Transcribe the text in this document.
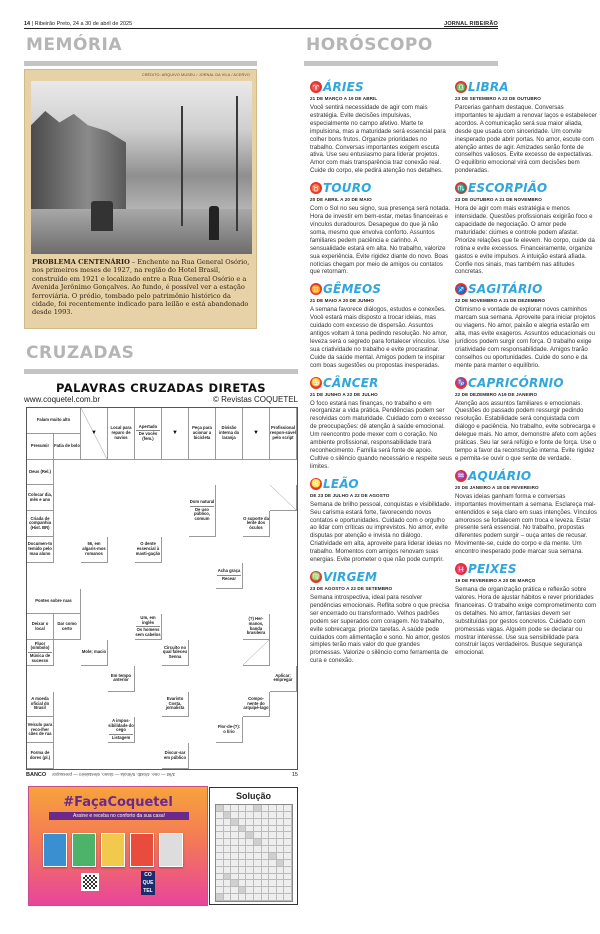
14 | Ribeirão Preto, 24 a 30 de abril de 2025	JORNAL RIBEIRÃO
MEMÓRIA
CRÉDITO: ARQUIVO MUSEU / JORNAL DA VILA / ACERVO
PROBLEMA CENTENÁRIO – Enchente na Rua General Osório, nos primeiros meses de 1927, na região do Hotel Brasil, construído em 1921 e localizado entre a Rua General Osório e a Avenida Jerônimo Gonçalves. Ao fundo, é possível ver a estação ferroviária. O prédio, tombado pelo patrimônio histórico da cidade, foi recentemente indicado para leilão e está abandonado desde 1993.
CRUZADAS
PALAVRAS CRUZADAS DIRETAS
www.coquetel.com.br	© Revistas COQUETEL
Falam muito alto
▼
Local para reparo de navios
Apertado
De vocês (fem.)
▼
Peça para acionar a bicicleta
Divisão interna da laranja
▼
Profissional respon-sável pelo script
Presumir Fatia de bolo
Deus (Rel.)
Colocar dia, mês e ano	Dom natural
De uso público, comum
Criada de companhia (Hist. BR)
O suporte da lente dos óculos
Documen-to temido pelo mau aluno
56, em algaris-mos romanos
O dente essencial à masti-gação
Acha graça
Recear
Pontes sobre ruas
Deixar o local
Dar como certo
Um, em inglês
Os homens sem cabelos
(?) Her-manos, banda brasileira
Fluor (símbolo)
Música de sucesso
Mole; macio
Circuito no qual faleceu Senna
Em tempo anterior
Aplicar; empregar
A moeda oficial do Brasil
Evaristo Costa, jornalista
Compo-nente do arquipé-lago
Veículo para reco-lher cães de rua
A impos-sibilidade do cego
Listagem
Flor-de-(?): o lírio
Forma de dores (pl.)
Discur-sar em público
BANCO 3/lst — one. 4/ostb. 5/imola — tirano. 6/estaleiro — pressupor	15
#FaçaCoquetel
Assine e receba no conforto da sua casa!
CO QUE TEL
Solução
HORÓSCOPO
♈ ÁRIES
21 DE MARÇO A 19 DE ABRIL
Você sentirá necessidade de agir com mais estratégia. Evite decisões impulsivas, especialmente no campo afetivo. Marte te impulsiona, mas a maturidade será essencial para colher bons frutos. Organize prioridades no trabalho. Conversas importantes exigem escuta ativa. Use seu entusiasmo para liderar projetos. Amor com mais transparência traz conexão real. Cuide do corpo, ele pedirá atenção nos detalhes.
♉ TOURO
20 DE ABRIL A 20 DE MAIO
Com o Sol no seu signo, sua presença será notada. Hora de investir em bem-estar, metas financeiras e vínculos duradouros. Desapegue do que já não soma, mesmo que envolva conforto. Assuntos familiares pedem paciência e carinho. A sensualidade estará em alta. No trabalho, valorize sua experiência. Evite rigidez diante do novo. Boas notícias chegam por meio de amigos ou contatos que retornam.
♊ GÊMEOS
21 DE MAIO A 20 DE JUNHO
A semana favorece diálogos, estudos e conexões. Você estará mais disposto a trocar ideias, mas cuidado com excesso de dispersão. Assuntos antigos voltam à tona pedindo resolução. No amor, leveza será o segredo para fortalecer vínculos. Use sua criatividade no trabalho e evite procrastinar. Cuide da saúde mental. Amigos podem te inspirar com boas sugestões ou propostas inesperadas.
♋ CÂNCER
21 DE JUNHO A 22 DE JULHO
O foco estará nas finanças, no trabalho e em reorganizar a vida prática. Pendências podem ser resolvidas com maturidade. Cuidado com o excesso de preocupações: dê atenção à saúde emocional. Um reencontro pode mexer com o coração. No ambiente profissional, responsabilidade trará reconhecimento. Família será fonte de apoio. Cultive o silêncio quando necessário e respeite seus limites.
♌ LEÃO
DE 23 DE JULHO A 22 DE AGOSTO
Semana de brilho pessoal, conquistas e visibilidade. Seu carisma estará forte, favorecendo novos contatos e oportunidades. Cuidado com o orgulho ao lidar com críticas ou imprevistos. No amor, evite disputas por atenção e invista no diálogo. Criatividade em alta, aproveite para liderar ideias no trabalho. Momentos com amigos renovam suas energias. Evite prometer o que não pode cumprir.
♍ VIRGEM
23 DE AGOSTO A 22 DE SETEMBRO
Semana introspectiva, ideal para resolver pendências emocionais. Reflita sobre o que precisa ser encerrado ou transformado. Velhos padrões podem ser superados com coragem. No trabalho, evite sobrecarga: priorize tarefas. A saúde pede cuidados com alimentação e sono. No amor, gestos simples terão mais valor do que grandes promessas. Valorize o silêncio como ferramenta de cura e conexão.
♎ LIBRA
23 DE SETEMBRO A 22 DE OUTUBRO
Parcerias ganham destaque. Conversas importantes te ajudam a renovar laços e estabelecer acordos. A comunicação será sua maior aliada, desde que usada com sinceridade. Um convite inesperado pode abrir portas. No amor, escute com atenção antes de agir. Amizades serão fonte de conselhos valiosos. Evite excesso de expectativas. O equilíbrio emocional virá com decisões bem ponderadas.
♏ ESCORPIÃO
23 DE OUTUBRO A 21 DE NOVEMBRO
Hora de agir com mais estratégia e menos intensidade. Questões profissionais exigirão foco e capacidade de negociação. O amor pede maturidade: ciúmes e controle podem afastar. Priorize relações que te elevem. No corpo, cuide da rotina e evite excessos. Financeiramente, organize gastos e evite impulsos. A intuição estará afiada. Confie nos sinais, mas também nas atitudes concretas.
♐ SAGITÁRIO
22 DE NOVEMBRO A 21 DE DEZEMBRO
Otimismo e vontade de explorar novos caminhos marcam sua semana. Aproveite para iniciar projetos ou viagens. No amor, paixão e alegria estarão em alta, mas evite exageros. Assuntos educacionais ou jurídicos podem surgir com força. O trabalho exige criatividade com responsabilidade. Amigos trarão conselhos ou oportunidades. Cuide do sono e da mente para manter o equilíbrio.
♑ CAPRICÓRNIO
22 DE DEZEMBRO A19 DE JANEIRO
Atenção aos assuntos familiares e emocionais. Questões do passado podem ressurgir pedindo resolução. Estabilidade será conquistada com diálogo e paciência. No trabalho, evite sobrecarga e delegue mais. No amor, demonstre afeto com ações práticas. Seu lar será refúgio e fonte de força. Use o tempo a favor da reconstrução interna. Evite rigidez e permita-se ouvir o que sente de verdade.
♒ AQUÁRIO
20 DE JANEIRO A 18 DE FEVEREIRO
Novas ideias ganham forma e conversas importantes movimentam a semana. Esclareça mal-entendidos e seja claro em suas intenções. Vínculos amorosos se fortalecem com troca e leveza. Estar presente será essencial. No trabalho, propostas diferentes podem surgir – ouça antes de recusar. Movimente-se, cuide do corpo e da mente. Um encontro inesperado pode marcar sua semana.
♓ PEIXES
19 DE FEVEREIRO A 20 DE MARÇO
Semana de organização prática e reflexão sobre valores. Hora de ajustar hábitos e rever prioridades financeiras. O trabalho exige comprometimento com os detalhes. No amor, fantasias devem ser substituídas por gestos concretos. Cuidado com promessas vagas. Alguém pode se declarar ou mostrar interesse. Use sua sensibilidade para construir laços verdadeiros. Busque segurança emocional.
